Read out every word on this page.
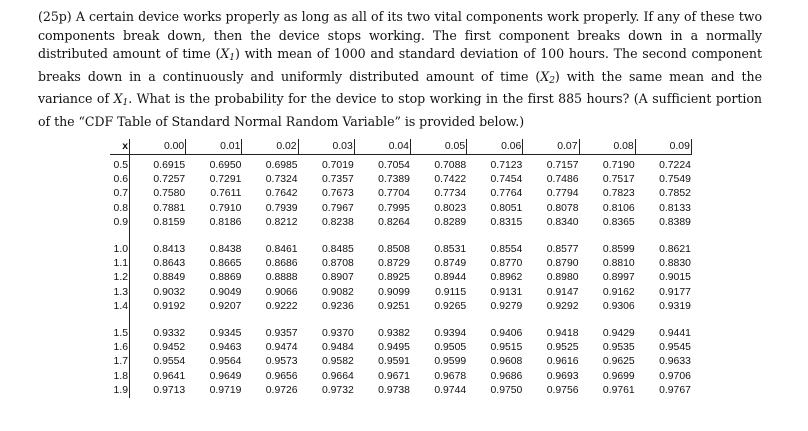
(25p) A certain device works properly as long as all of its two vital components work properly. If any of these two components break down, then the device stops working. The first component breaks down in a normally distributed amount of time $(X_1)$ with mean of 1000 and standard deviation of 100 hours. The second component breaks down in a continuously and uniformly distributed amount of time $(X_2)$ with the same mean and the variance of $X_1$. What is the probability for the device to stop working in the first 885 hours? (A sufficient portion of the “CDF Table of Standard Normal Random Variable” is provided below.)
x	0.00	0.01	0.02	0.03	0.04	0.05	0.06	0.07	0.08	0.09
0.5	0.6915	0.6950	0.6985	0.7019	0.7054	0.7088	0.7123	0.7157	0.7190	0.7224
0.6	0.7257	0.7291	0.7324	0.7357	0.7389	0.7422	0.7454	0.7486	0.7517	0.7549
0.7	0.7580	0.7611	0.7642	0.7673	0.7704	0.7734	0.7764	0.7794	0.7823	0.7852
0.8	0.7881	0.7910	0.7939	0.7967	0.7995	0.8023	0.8051	0.8078	0.8106	0.8133
0.9	0.8159	0.8186	0.8212	0.8238	0.8264	0.8289	0.8315	0.8340	0.8365	0.8389
1.0	0.8413	0.8438	0.8461	0.8485	0.8508	0.8531	0.8554	0.8577	0.8599	0.8621
1.1	0.8643	0.8665	0.8686	0.8708	0.8729	0.8749	0.8770	0.8790	0.8810	0.8830
1.2	0.8849	0.8869	0.8888	0.8907	0.8925	0.8944	0.8962	0.8980	0.8997	0.9015
1.3	0.9032	0.9049	0.9066	0.9082	0.9099	0.9115	0.9131	0.9147	0.9162	0.9177
1.4	0.9192	0.9207	0.9222	0.9236	0.9251	0.9265	0.9279	0.9292	0.9306	0.9319
1.5	0.9332	0.9345	0.9357	0.9370	0.9382	0.9394	0.9406	0.9418	0.9429	0.9441
1.6	0.9452	0.9463	0.9474	0.9484	0.9495	0.9505	0.9515	0.9525	0.9535	0.9545
1.7	0.9554	0.9564	0.9573	0.9582	0.9591	0.9599	0.9608	0.9616	0.9625	0.9633
1.8	0.9641	0.9649	0.9656	0.9664	0.9671	0.9678	0.9686	0.9693	0.9699	0.9706
1.9	0.9713	0.9719	0.9726	0.9732	0.9738	0.9744	0.9750	0.9756	0.9761	0.9767
